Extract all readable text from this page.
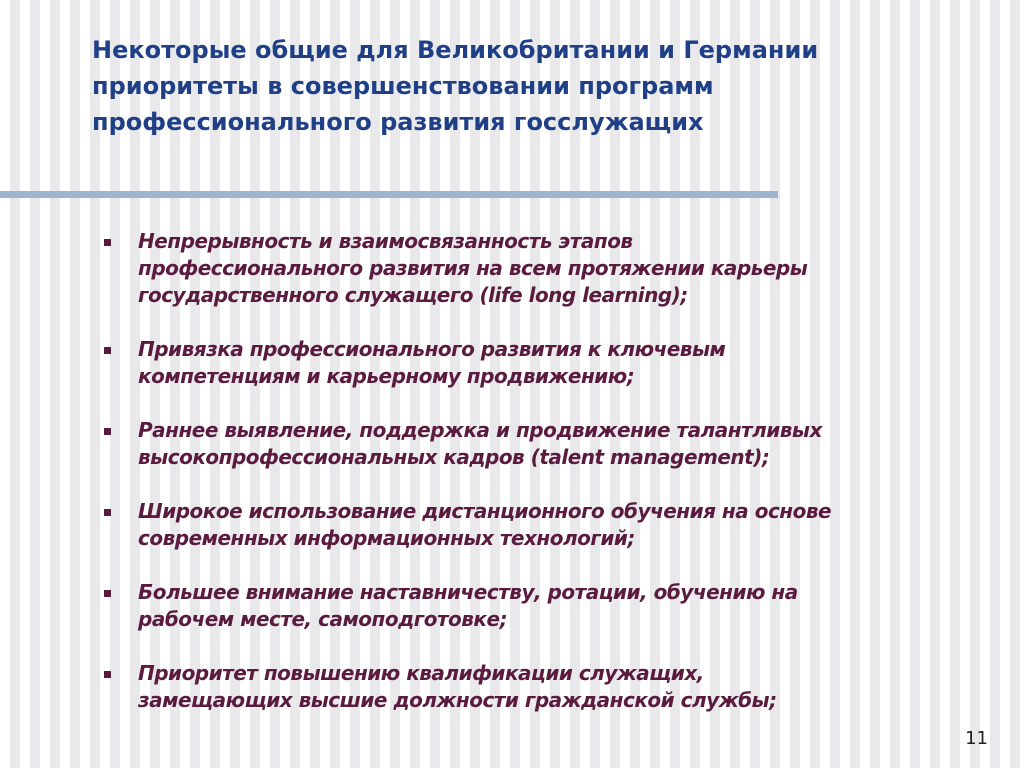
Некоторые общие для Великобритании и Германии
приоритеты в совершенствовании программ
профессионального развития госслужащих
Непрерывность и взаимосвязанность этапов
профессионального развития на всем протяжении карьеры
государственного служащего (life long learning);
Привязка профессионального развития к ключевым
компетенциям и карьерному продвижению;
Раннее выявление, поддержка и продвижение талантливых
высокопрофессиональных кадров (talent management);
Широкое использование дистанционного обучения на основе
современных информационных технологий;
Большее внимание наставничеству, ротации, обучению на
рабочем месте, самоподготовке;
Приоритет повышению квалификации служащих,
замещающих высшие должности гражданской службы;
11
